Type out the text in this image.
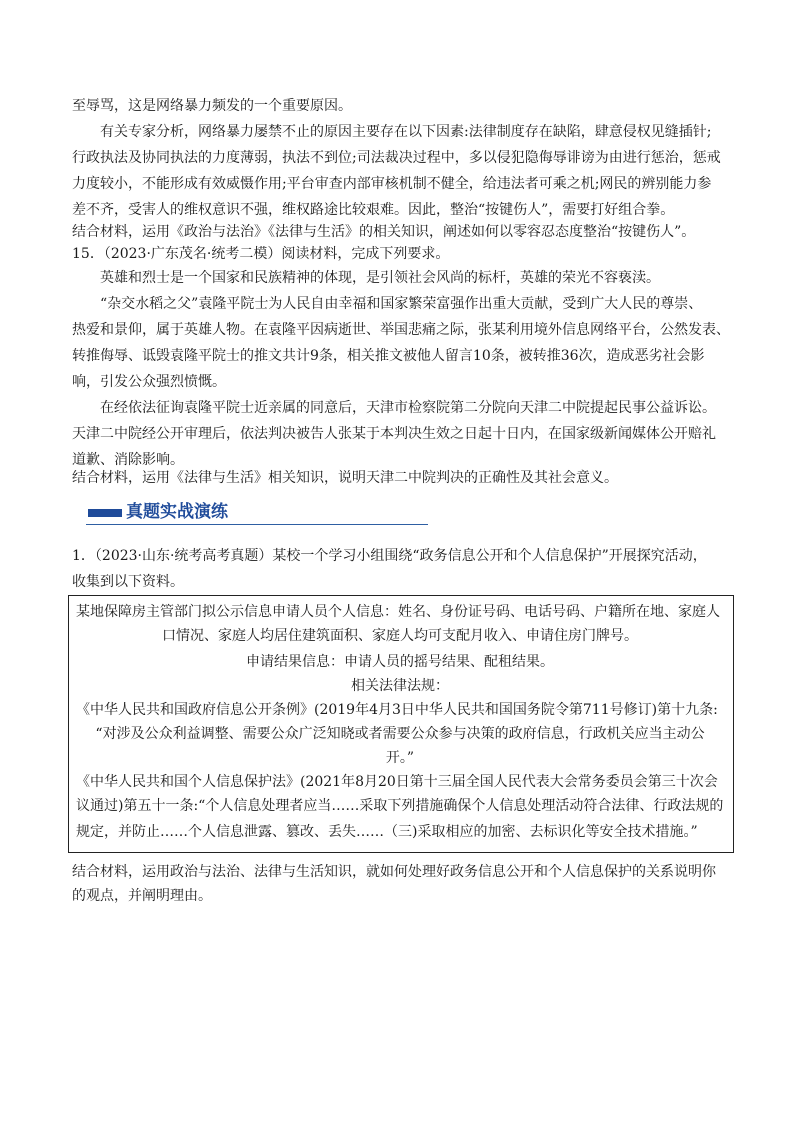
至辱骂，这是网络暴力频发的一个重要原因。
有关专家分析，网络暴力屡禁不止的原因主要存在以下因素:法律制度存在缺陷，肆意侵权见缝插针;
行政执法及协同执法的力度薄弱，执法不到位;司法裁决过程中，多以侵犯隐侮辱诽谤为由进行惩治，惩戒
力度较小，不能形成有效威慑作用;平台审查内部审核机制不健全，给违法者可乘之机;网民的辨别能力参
差不齐，受害人的维权意识不强，维权路途比较艰难。因此，整治“按键伤人”，需要打好组合拳。
结合材料，运用《政治与法治》《法律与生活》的相关知识，阐述如何以零容忍态度整治“按键伤人”。
15．（2023·广东茂名·统考二模）阅读材料，完成下列要求。
英雄和烈士是一个国家和民族精神的体现，是引领社会风尚的标杆，英雄的荣光不容亵渎。
“杂交水稻之父”袁隆平院士为人民自由幸福和国家繁荣富强作出重大贡献，受到广大人民的尊崇、
热爱和景仰，属于英雄人物。在袁隆平因病逝世、举国悲痛之际，张某利用境外信息网络平台，公然发表、
转推侮辱、诋毁袁隆平院士的推文共计9条，相关推文被他人留言10条，被转推36次，造成恶劣社会影
响，引发公众强烈愤慨。
在经依法征询袁隆平院士近亲属的同意后，天津市检察院第二分院向天津二中院提起民事公益诉讼。
天津二中院经公开审理后，依法判决被告人张某于本判决生效之日起十日内，在国家级新闻媒体公开赔礼
道歉、消除影响。
结合材料，运用《法律与生活》相关知识，说明天津二中院判决的正确性及其社会意义。
真题实战演练
1．（2023·山东·统考高考真题）某校一个学习小组围绕“政务信息公开和个人信息保护”开展探究活动，
收集到以下资料。
某地保障房主管部门拟公示信息申请人员个人信息：姓名、身份证号码、电话号码、户籍所在地、家庭人
口情况、家庭人均居住建筑面积、家庭人均可支配月收入、申请住房门牌号。
申请结果信息：申请人员的摇号结果、配租结果。
相关法律法规：
《中华人民共和国政府信息公开条例》(2019年4月3日中华人民共和国国务院令第711号修订)第十九条:
“对涉及公众利益调整、需要公众广泛知晓或者需要公众参与决策的政府信息，行政机关应当主动公
开。”
《中华人民共和国个人信息保护法》(2021年8月20日第十三届全国人民代表大会常务委员会第三十次会
议通过)第五十一条:“个人信息处理者应当……采取下列措施确保个人信息处理活动符合法律、行政法规的
规定，并防止……个人信息泄露、篡改、丢失……（三)采取相应的加密、去标识化等安全技术措施。”
结合材料，运用政治与法治、法律与生活知识，就如何处理好政务信息公开和个人信息保护的关系说明你
的观点，并阐明理由。
